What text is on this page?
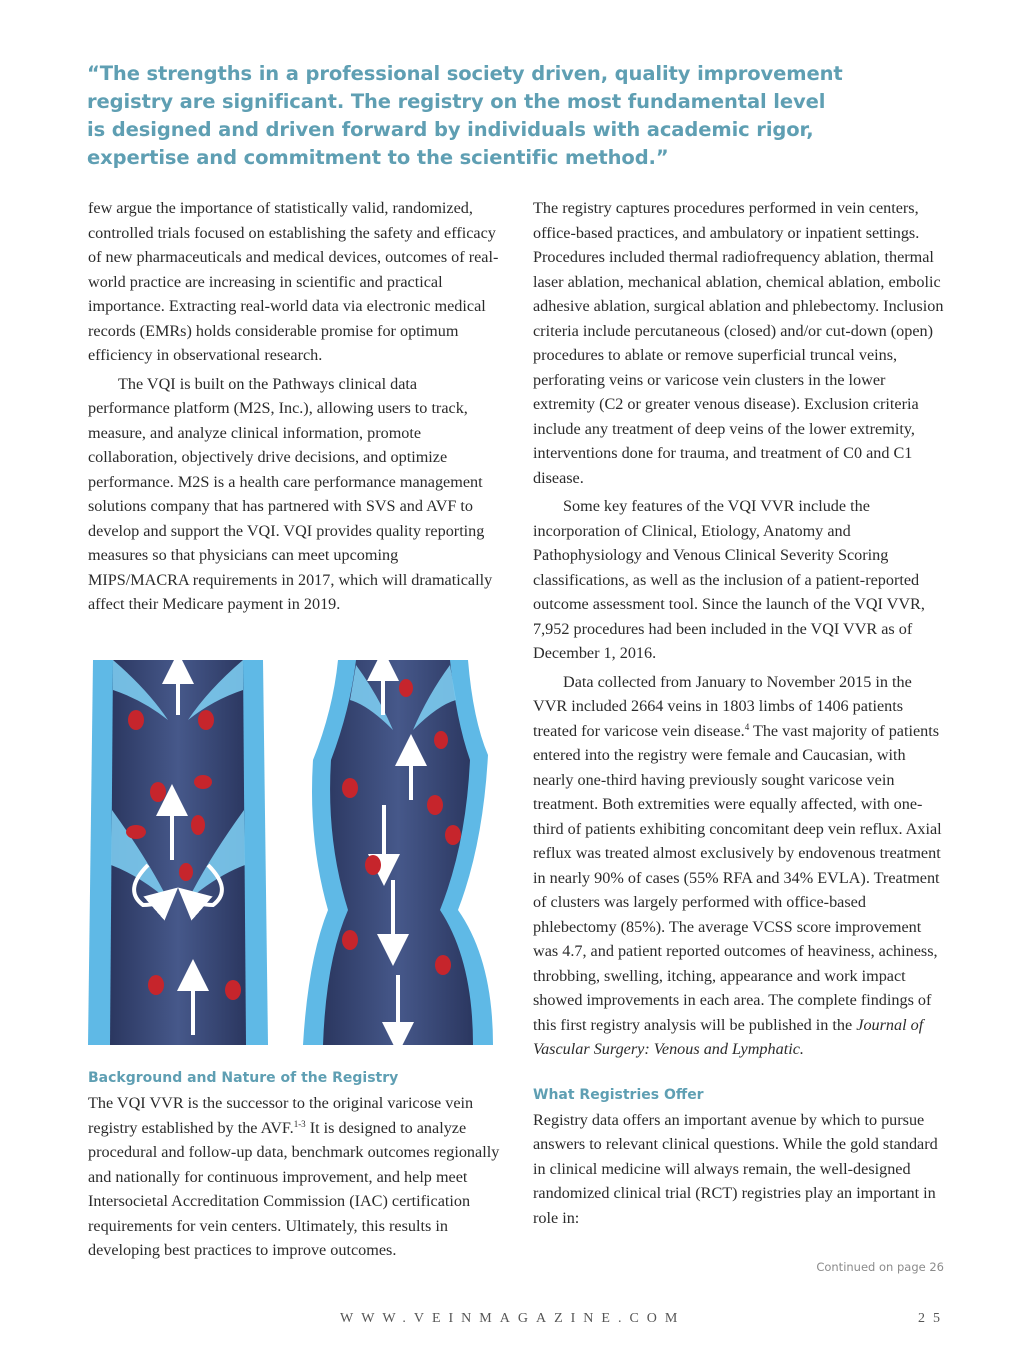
“The strengths in a professional society driven, quality improvement registry are significant. The registry on the most fundamental level is designed and driven forward by individuals with academic rigor, expertise and commitment to the scientific method.”

few argue the importance of statistically valid, randomized, controlled trials focused on establishing the safety and efficacy of new pharmaceuticals and medical devices, outcomes of real-world practice are increasing in scientific and practical importance. Extracting real-world data via electronic medical records (EMRs) holds considerable promise for optimum efficiency in observational research.

The VQI is built on the Pathways clinical data performance platform (M2S, Inc.), allowing users to track, measure, and analyze clinical information, promote collaboration, objectively drive decisions, and optimize performance. M2S is a health care performance management solutions company that has partnered with SVS and AVF to develop and support the VQI. VQI provides quality reporting measures so that physicians can meet upcoming MIPS/MACRA requirements in 2017, which will dramatically affect their Medicare payment in 2019.

Background and Nature of the Registry

The VQI VVR is the successor to the original varicose vein registry established by the AVF.$^{1-3}$ It is designed to analyze procedural and follow-up data, benchmark outcomes regionally and nationally for continuous improvement, and help meet Intersocietal Accreditation Commission (IAC) certification requirements for vein centers. Ultimately, this results in developing best practices to improve outcomes.

The registry captures procedures performed in vein centers, office-based practices, and ambulatory or inpatient settings. Procedures included thermal radiofrequency ablation, thermal laser ablation, mechanical ablation, chemical ablation, embolic adhesive ablation, surgical ablation and phlebectomy. Inclusion criteria include percutaneous (closed) and/or cut-down (open) procedures to ablate or remove superficial truncal veins, perforating veins or varicose vein clusters in the lower extremity (C2 or greater venous disease). Exclusion criteria include any treatment of deep veins of the lower extremity, interventions done for trauma, and treatment of C0 and C1 disease.

Some key features of the VQI VVR include the incorporation of Clinical, Etiology, Anatomy and Pathophysiology and Venous Clinical Severity Scoring classifications, as well as the inclusion of a patient-reported outcome assessment tool. Since the launch of the VQI VVR, 7,952 procedures had been included in the VQI VVR as of December 1, 2016.

Data collected from January to November 2015 in the VVR included 2664 veins in 1803 limbs of 1406 patients treated for varicose vein disease.$^4$ The vast majority of patients entered into the registry were female and Caucasian, with nearly one-third having previously sought varicose vein treatment. Both extremities were equally affected, with one-third of patients exhibiting concomitant deep vein reflux. Axial reflux was treated almost exclusively by endovenous treatment in nearly 90% of cases (55% RFA and 34% EVLA). Treatment of clusters was largely performed with office-based phlebectomy (85%). The average VCSS score improvement was 4.7, and patient reported outcomes of heaviness, achiness, throbbing, swelling, itching, appearance and work impact showed improvements in each area. The complete findings of this first registry analysis will be published in the Journal of Vascular Surgery: Venous and Lymphatic.

What Registries Offer

Registry data offers an important avenue by which to pursue answers to relevant clinical questions. While the gold standard in clinical medicine will always remain, the well-designed randomized clinical trial (RCT) registries play an important in role in:

Continued on page 26
WWW.VEINMAGAZINE.COM	25
